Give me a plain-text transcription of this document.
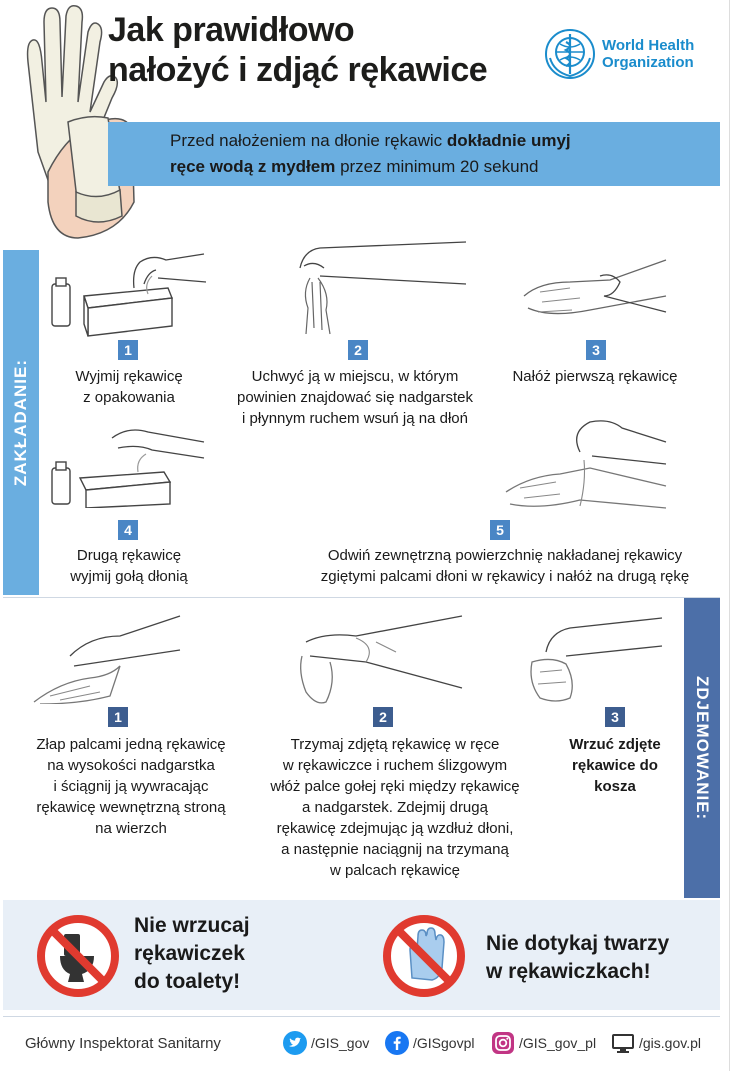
Jak prawidłowo
nałożyć i zdjąć rękawice
World Health
Organization
Przed nałożeniem na dłonie rękawic dokładnie umyj
ręce wodą z mydłem przez minimum 20 sekund
ZAKŁADANIE:
1
Wyjmij rękawicę
z opakowania
2
Uchwyć ją w miejscu, w którym
powinien znajdować się nadgarstek
i płynnym ruchem wsuń ją na dłoń
3
Nałóż pierwszą rękawicę
4
Drugą rękawicę
wyjmij gołą dłonią
5
Odwiń zewnętrzną powierzchnię nakładanej rękawicy
zgiętymi palcami dłoni w rękawicy i nałóż na drugą rękę
ZDJEMOWANIE:
1
Złap palcami jedną rękawicę
na wysokości nadgarstka
i ściągnij ją wywracając
rękawicę wewnętrzną stroną
na wierzch
2
Trzymaj zdjętą rękawicę w ręce
w rękawiczce i ruchem ślizgowym
włóż palce gołej ręki między rękawicę
a nadgarstek. Zdejmij drugą
rękawicę zdejmując ją wzdłuż dłoni,
a następnie naciągnij na trzymaną
w palcach rękawicę
3
Wrzuć zdjęte
rękawice do
kosza
Nie wrzucaj
rękawiczek
do toalety!
Nie dotykaj twarzy
w rękawiczkach!
Główny Inspektorat Sanitarny	/GIS_gov	/GISgovpl	/GIS_gov_pl	/gis.gov.pl
